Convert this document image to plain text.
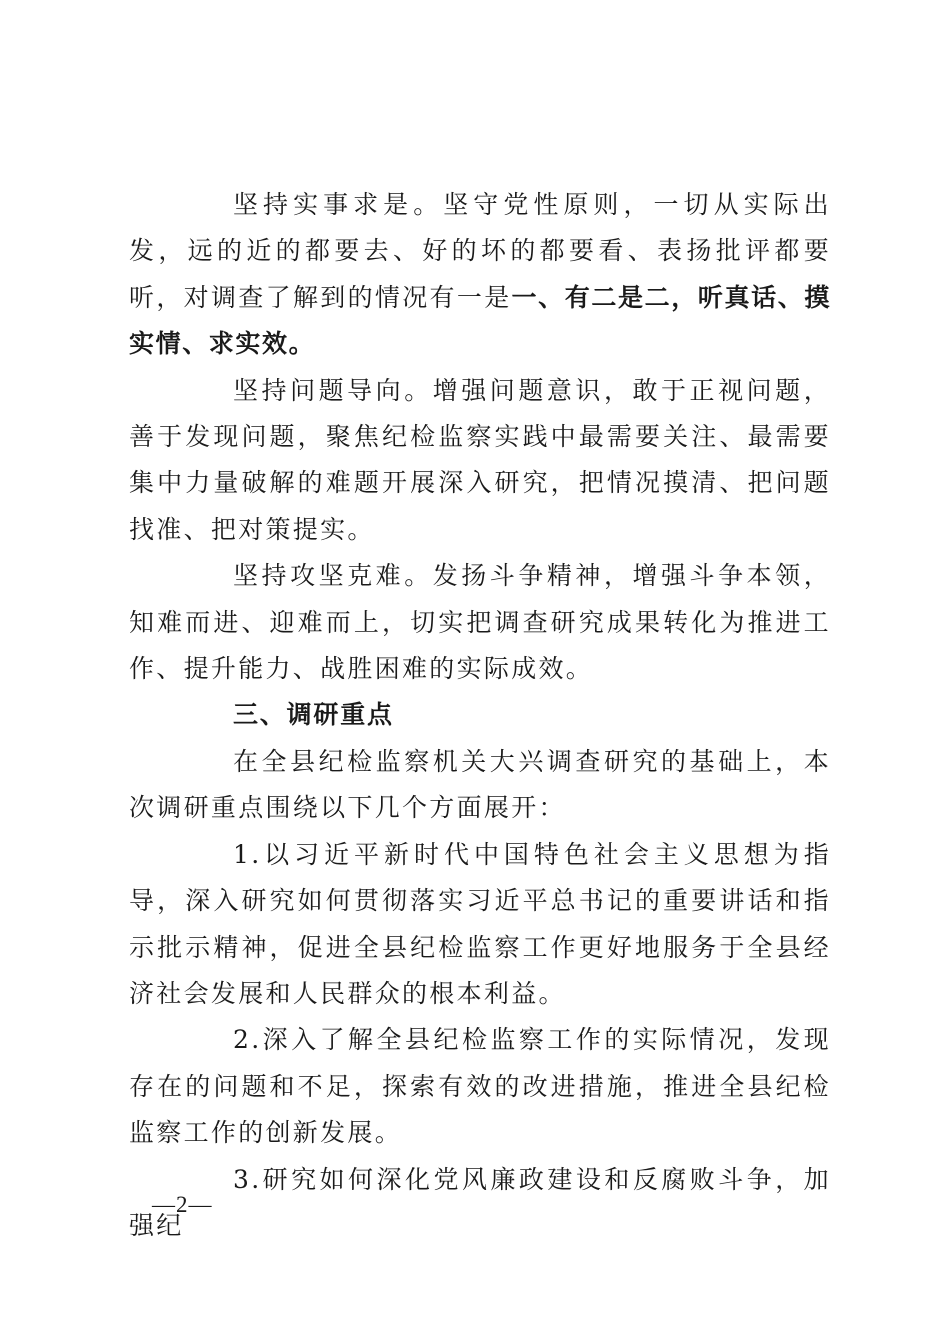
坚持实事求是。坚守党性原则，一切从实际出发，远的近的都要去、好的坏的都要看、表扬批评都要听，对调查了解到的情况有一是一、有二是二，听真话、摸实情、求实效。

坚持问题导向。增强问题意识，敢于正视问题，善于发现问题，聚焦纪检监察实践中最需要关注、最需要集中力量破解的难题开展深入研究，把情况摸清、把问题找准、把对策提实。

坚持攻坚克难。发扬斗争精神，增强斗争本领，知难而进、迎难而上，切实把调查研究成果转化为推进工作、提升能力、战胜困难的实际成效。

三、调研重点

在全县纪检监察机关大兴调查研究的基础上，本次调研重点围绕以下几个方面展开：

1.以习近平新时代中国特色社会主义思想为指导，深入研究如何贯彻落实习近平总书记的重要讲话和指示批示精神，促进全县纪检监察工作更好地服务于全县经济社会发展和人民群众的根本利益。

2.深入了解全县纪检监察工作的实际情况，发现存在的问题和不足，探索有效的改进措施，推进全县纪检监察工作的创新发展。

3.研究如何深化党风廉政建设和反腐败斗争，加强纪

—2—
